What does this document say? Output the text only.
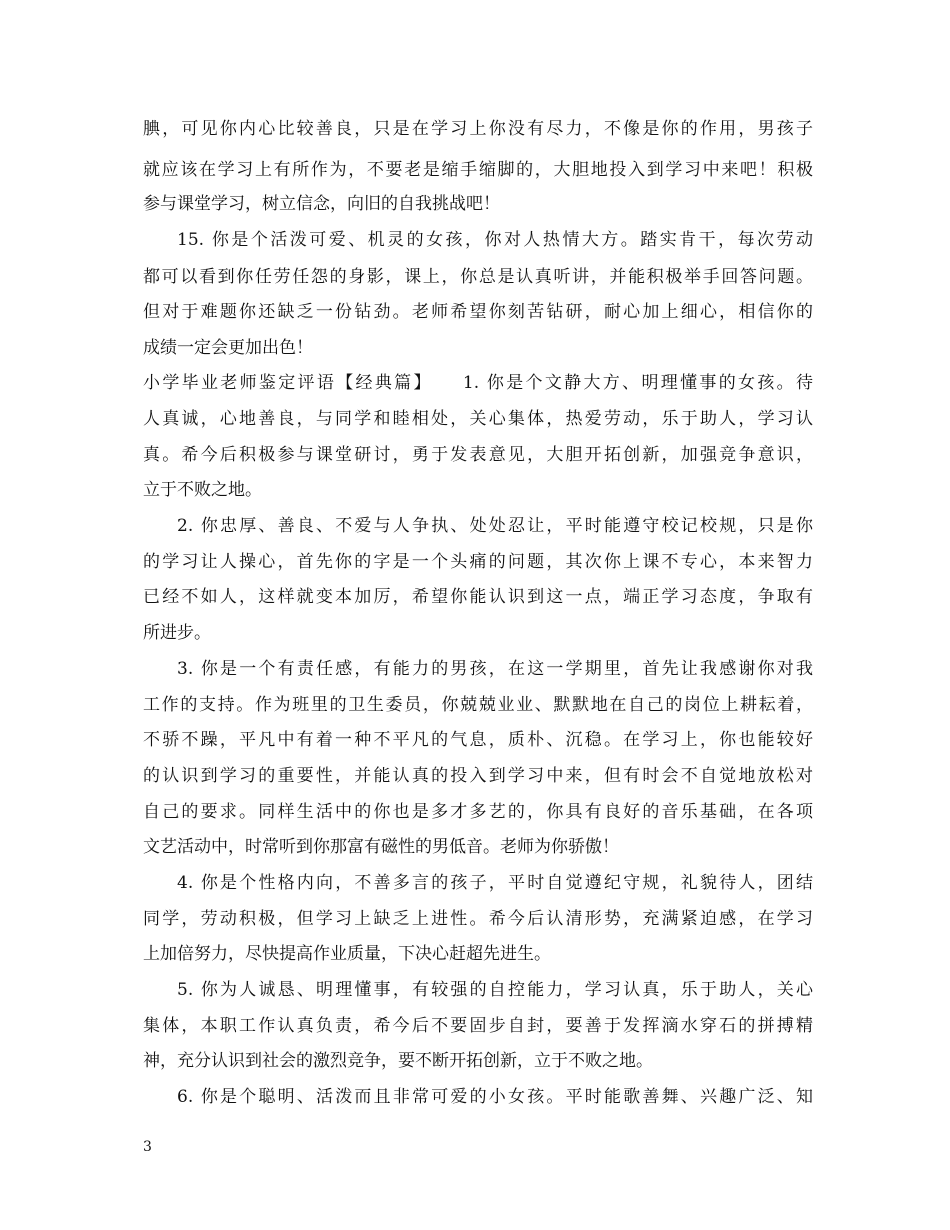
腆，可见你内心比较善良，只是在学习上你没有尽力，不像是你的作用，男孩子
就应该在学习上有所作为，不要老是缩手缩脚的，大胆地投入到学习中来吧！积极
参与课堂学习，树立信念，向旧的自我挑战吧！
15. 你是个活泼可爱、机灵的女孩，你对人热情大方。踏实肯干，每次劳动
都可以看到你任劳任怨的身影，课上，你总是认真听讲，并能积极举手回答问题。
但对于难题你还缺乏一份钻劲。老师希望你刻苦钻研，耐心加上细心，相信你的
成绩一定会更加出色！
小学毕业老师鉴定评语【经典篇】　　1. 你是个文静大方、明理懂事的女孩。待
人真诚，心地善良，与同学和睦相处，关心集体，热爱劳动，乐于助人，学习认
真。希今后积极参与课堂研讨，勇于发表意见，大胆开拓创新，加强竞争意识，
立于不败之地。
2. 你忠厚、善良、不爱与人争执、处处忍让，平时能遵守校记校规，只是你
的学习让人操心，首先你的字是一个头痛的问题，其次你上课不专心，本来智力
已经不如人，这样就变本加厉，希望你能认识到这一点，端正学习态度，争取有
所进步。
3. 你是一个有责任感，有能力的男孩，在这一学期里，首先让我感谢你对我
工作的支持。作为班里的卫生委员，你兢兢业业、默默地在自己的岗位上耕耘着，
不骄不躁，平凡中有着一种不平凡的气息，质朴、沉稳。在学习上，你也能较好
的认识到学习的重要性，并能认真的投入到学习中来，但有时会不自觉地放松对
自己的要求。同样生活中的你也是多才多艺的，你具有良好的音乐基础，在各项
文艺活动中，时常听到你那富有磁性的男低音。老师为你骄傲！
4. 你是个性格内向，不善多言的孩子，平时自觉遵纪守规，礼貌待人，团结
同学，劳动积极，但学习上缺乏上进性。希今后认清形势，充满紧迫感，在学习
上加倍努力，尽快提高作业质量，下决心赶超先进生。
5. 你为人诚恳、明理懂事，有较强的自控能力，学习认真，乐于助人，关心
集体，本职工作认真负责，希今后不要固步自封，要善于发挥滴水穿石的拼搏精
神，充分认识到社会的激烈竞争，要不断开拓创新，立于不败之地。
6. 你是个聪明、活泼而且非常可爱的小女孩。平时能歌善舞、兴趣广泛、知
3
